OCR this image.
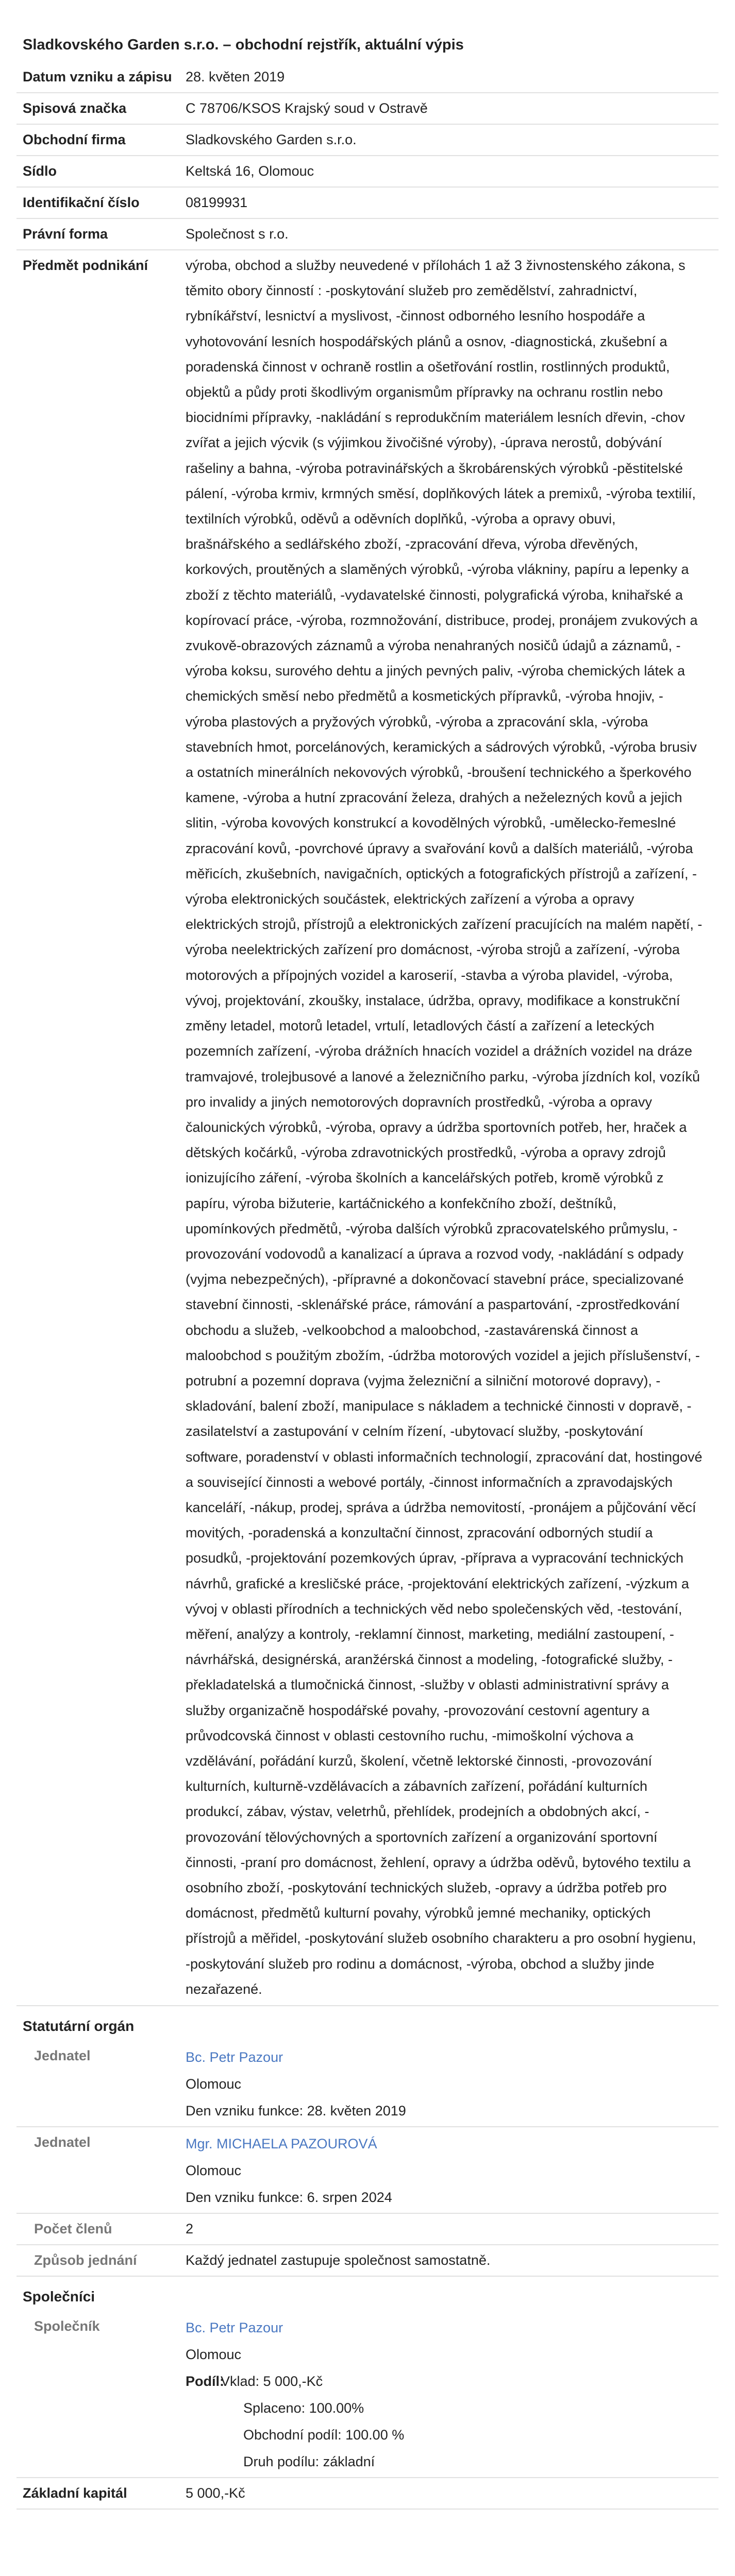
Sladkovského Garden s.r.o. – obchodní rejstřík, aktuální výpis
Datum vzniku a zápisu 28. květen 2019
Spisová značka	C 78706/KSOS Krajský soud v Ostravě
Obchodní firma	Sladkovského Garden s.r.o.
Sídlo	Keltská 16, Olomouc
Identifikační číslo	08199931
Právní forma	Společnost s r.o.
Předmět podnikání	výroba, obchod a služby neuvedené v přílohách 1 až 3 živnostenského zákona, s těmito obory činností : -poskytování služeb pro zemědělství, zahradnictví, rybníkářství, lesnictví a myslivost, -činnost odborného lesního hospodáře a vyhotovování lesních hospodářských plánů a osnov, -diagnostická, zkušební a poradenská činnost v ochraně rostlin a ošetřování rostlin, rostlinných produktů, objektů a půdy proti škodlivým organismům přípravky na ochranu rostlin nebo biocidními přípravky, -nakládání s reprodukčním materiálem lesních dřevin, -chov zvířat a jejich výcvik (s výjimkou živočišné výroby), -úprava nerostů, dobývání rašeliny a bahna, -výroba potravinářských a škrobárenských výrobků -pěstitelské pálení, -výroba krmiv, krmných směsí, doplňkových látek a premixů, -výroba textilií, textilních výrobků, oděvů a oděvních doplňků, -výroba a opravy obuvi, brašnářského a sedlářského zboží, -zpracování dřeva, výroba dřevěných, korkových, proutěných a slaměných výrobků, -výroba vlákniny, papíru a lepenky a zboží z těchto materiálů, -vydavatelské činnosti, polygrafická výroba, knihařské a kopírovací práce, -výroba, rozmnožování, distribuce, prodej, pronájem zvukových a zvukově-obrazových záznamů a výroba nenahraných nosičů údajů a záznamů, -výroba koksu, surového dehtu a jiných pevných paliv, -výroba chemických látek a chemických směsí nebo předmětů a kosmetických přípravků, -výroba hnojiv, -výroba plastových a pryžových výrobků, -výroba a zpracování skla, -výroba stavebních hmot, porcelánových, keramických a sádrových výrobků, -výroba brusiv a ostatních minerálních nekovových výrobků, -broušení technického a šperkového kamene, -výroba a hutní zpracování železa, drahých a neželezných kovů a jejich slitin, -výroba kovových konstrukcí a kovodělných výrobků, -uměleckо-řemeslné zpracování kovů, -povrchové úpravy a svařování kovů a dalších materiálů, -výroba měřicích, zkušebních, navigačních, optických a fotografických přístrojů a zařízení, -výroba elektronických součástek, elektrických zařízení a výroba a opravy elektrických strojů, přístrojů a elektronických zařízení pracujících na malém napětí, -výroba neelektrických zařízení pro domácnost, -výroba strojů a zařízení, -výroba motorových a přípojných vozidel a karoserií, -stavba a výroba plavidel, -výroba, vývoj, projektování, zkoušky, instalace, údržba, opravy, modifikace a konstrukční změny letadel, motorů letadel, vrtulí, letadlových částí a zařízení a leteckých pozemních zařízení, -výroba drážních hnacích vozidel a drážních vozidel na dráze tramvajové, trolejbusové a lanové a železničního parku, -výroba jízdních kol, vozíků pro invalidy a jiných nemotorových dopravních prostředků, -výroba a opravy čalounických výrobků, -výroba, opravy a údržba sportovních potřeb, her, hraček a dětských kočárků, -výroba zdravotnických prostředků, -výroba a opravy zdrojů ionizujícího záření, -výroba školních a kancelářských potřeb, kromě výrobků z papíru, výroba bižuterie, kartáčnického a konfekčního zboží, deštníků, upomínkových předmětů, -výroba dalších výrobků zpracovatelského průmyslu, -provozování vodovodů a kanalizací a úprava a rozvod vody, -nakládání s odpady (vyjma nebezpečných), -přípravné a dokončovací stavební práce, specializované stavební činnosti, -sklenářské práce, rámování a paspartování, -zprostředkování obchodu a služeb, -velkoobchod a maloobchod, -zastavárenská činnost a maloobchod s použitým zbožím, -údržba motorových vozidel a jejich příslušenství, -potrubní a pozemní doprava (vyjma železniční a silniční motorové dopravy), -skladování, balení zboží, manipulace s nákladem a technické činnosti v dopravě, -zasilatelství a zastupování v celním řízení, -ubytovací služby, -poskytování software, poradenství v oblasti informačních technologií, zpracování dat, hostingové a související činnosti a webové portály, -činnost informačních a zpravodajských kanceláří, -nákup, prodej, správa a údržba nemovitostí, -pronájem a půjčování věcí movitých, -poradenská a konzultační činnost, zpracování odborných studií a posudků, -projektování pozemkových úprav, -příprava a vypracování technických návrhů, grafické a kresličské práce, -projektování elektrických zařízení, -výzkum a vývoj v oblasti přírodních a technických věd nebo společenských věd, -testování, měření, analýzy a kontroly, -reklamní činnost, marketing, mediální zastoupení, -návrhářská, designérská, aranžérská činnost a modeling, -fotografické služby, -překladatelská a tlumočnická činnost, -služby v oblasti administrativní správy a služby organizačně hospodářské povahy, -provozování cestovní agentury a průvodcovská činnost v oblasti cestovního ruchu, -mimoškolní výchova a vzdělávání, pořádání kurzů, školení, včetně lektorské činnosti, -provozování kulturních, kulturně-vzdělávacích a zábavních zařízení, pořádání kulturních produkcí, zábav, výstav, veletrhů, přehlídek, prodejních a obdobných akcí, -provozování tělovýchovných a sportovních zařízení a organizování sportovní činnosti, -praní pro domácnost, žehlení, opravy a údržba oděvů, bytového textilu a osobního zboží, -poskytování technických služeb, -opravy a údržba potřeb pro domácnost, předmětů kulturní povahy, výrobků jemné mechaniky, optických přístrojů a měřidel, -poskytování služeb osobního charakteru a pro osobní hygienu, -poskytování služeb pro rodinu a domácnost, -výroba, obchod a služby jinde nezařazené.
Statutární orgán
Jednatel	Bc. Petr Pazour
Olomouc
Den vzniku funkce: 28. květen 2019
Jednatel	Mgr. MICHAELA PAZOUROVÁ
Olomouc
Den vzniku funkce: 6. srpen 2024
Počet členů	2
Způsob jednání	Každý jednatel zastupuje společnost samostatně.
Společníci
Společník	Bc. Petr Pazour
Olomouc
Podíl:
Vklad: 5 000,-Kč
Splaceno: 100.00%
Obchodní podíl: 100.00 %
Druh podílu: základní
Základní kapitál	5 000,-Kč
